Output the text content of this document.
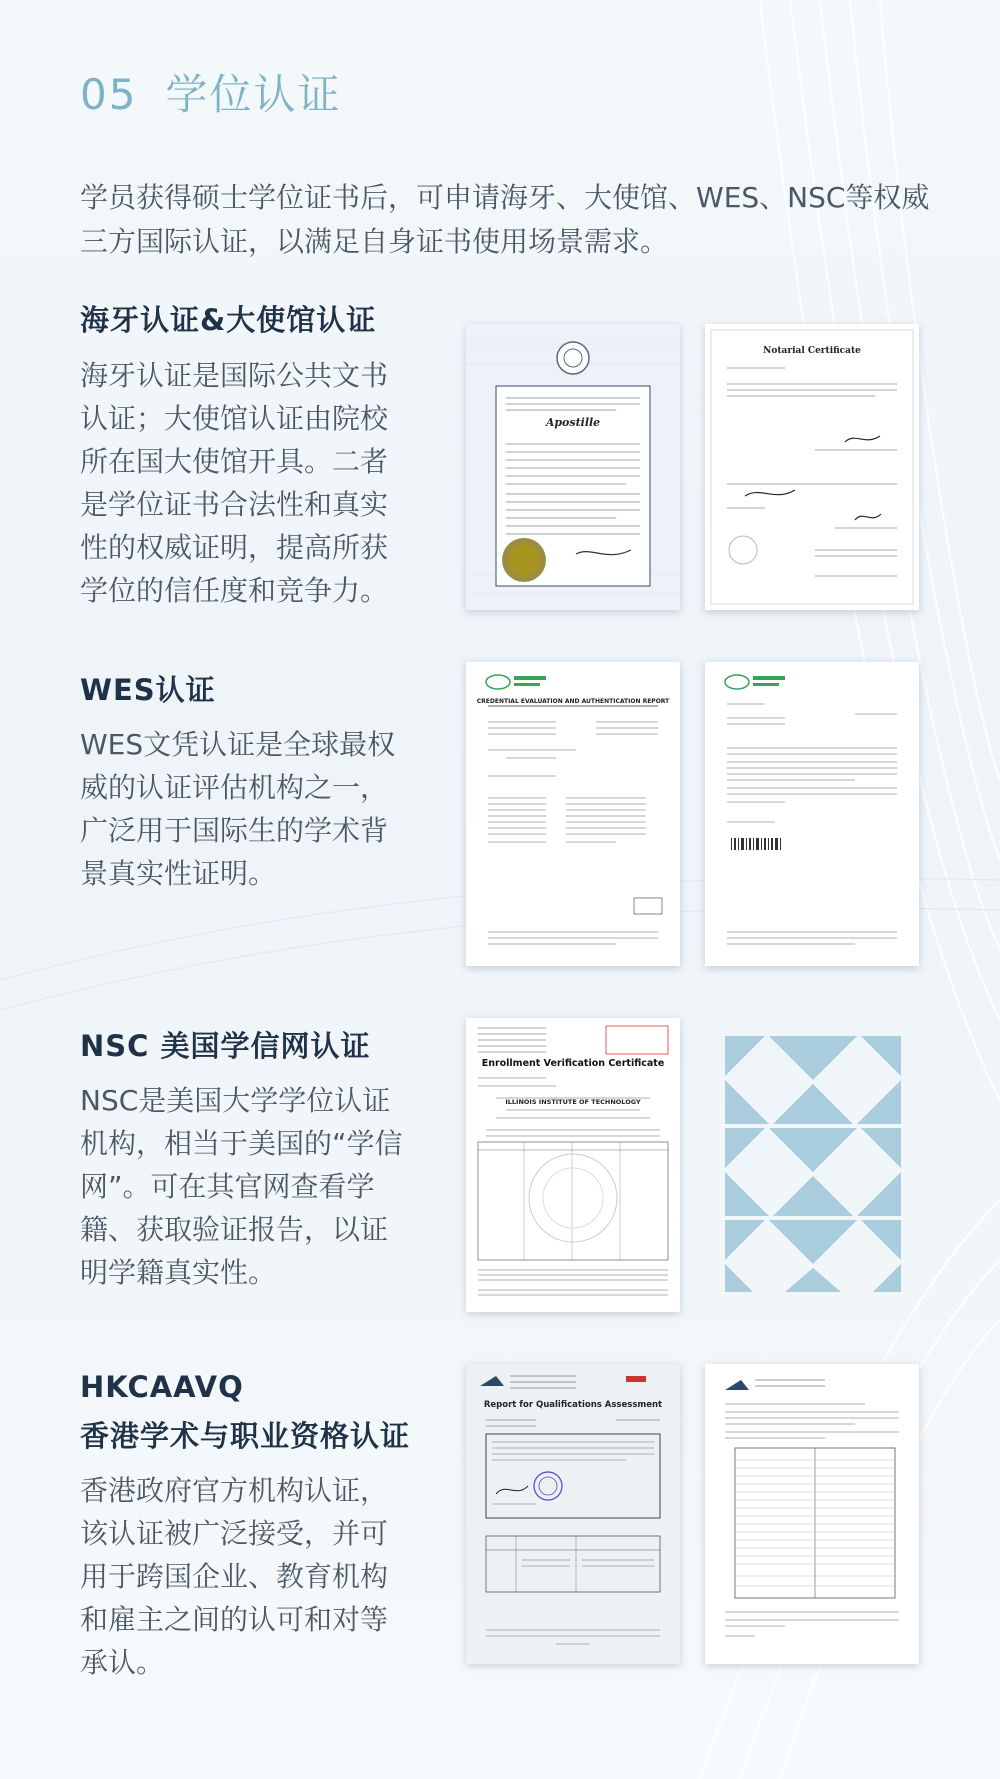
05 学位认证
学员获得硕士学位证书后，可申请海牙、大使馆、WES、NSC等权威三方国际认证，以满足自身证书使用场景需求。
海牙认证&大使馆认证
海牙认证是国际公共文书认证；大使馆认证由院校所在国大使馆开具。二者是学位证书合法性和真实性的权威证明，提高所获学位的信任度和竞争力。
Apostille
Notarial Certificate
WES认证
WES文凭认证是全球最权威的认证评估机构之一，广泛用于国际生的学术背景真实性证明。
CREDENTIAL EVALUATION AND AUTHENTICATION REPORT
NSC 美国学信网认证
NSC是美国大学学位认证机构，相当于美国的“学信网”。可在其官网查看学籍、获取验证报告，以证明学籍真实性。
Enrollment Verification Certificate
ILLINOIS INSTITUTE OF TECHNOLOGY
HKCAAVQ
香港学术与职业资格认证
香港政府官方机构认证，该认证被广泛接受，并可用于跨国企业、教育机构和雇主之间的认可和对等承认。
Report for Qualifications Assessment
